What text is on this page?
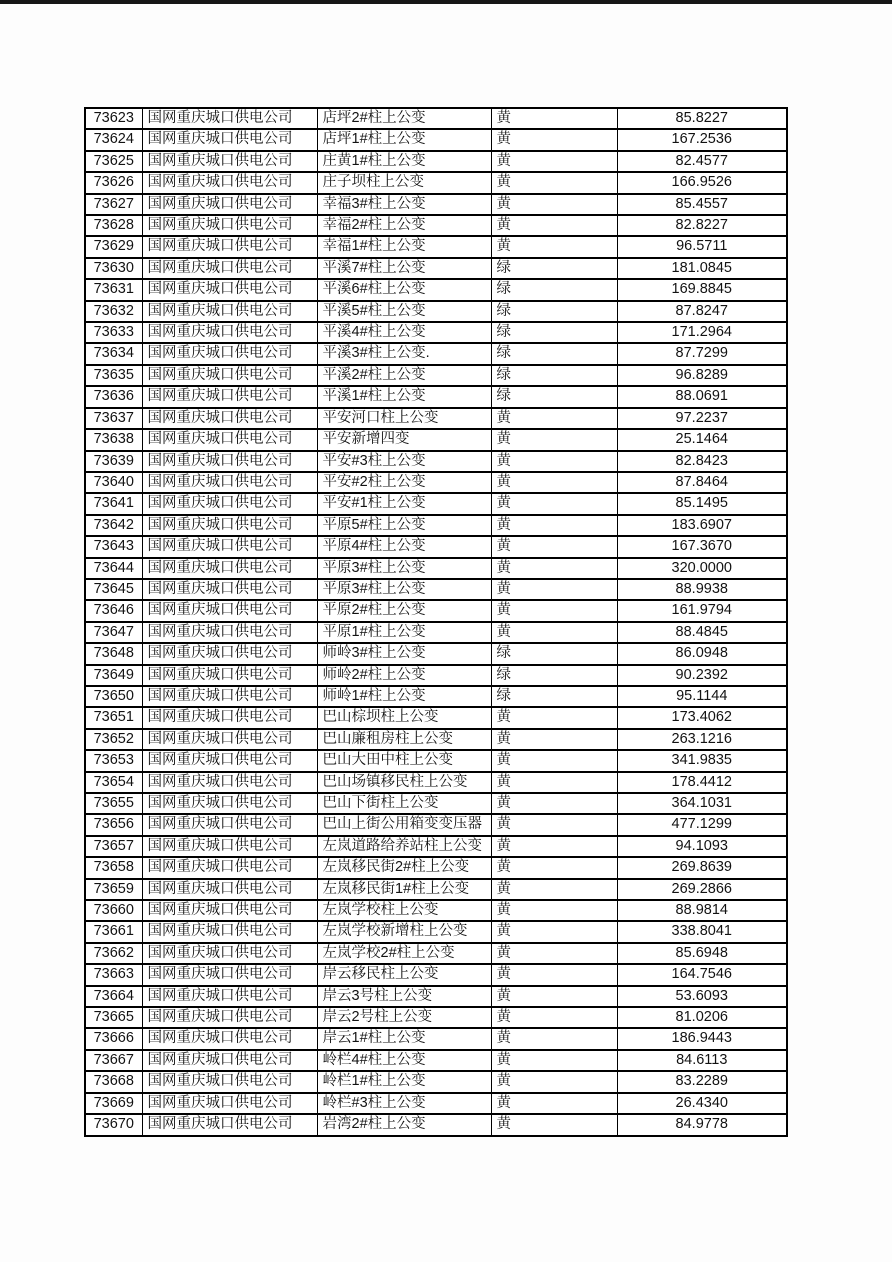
73623	国网重庆城口供电公司	店坪2#柱上公变	黄	85.8227
73624	国网重庆城口供电公司	店坪1#柱上公变	黄	167.2536
73625	国网重庆城口供电公司	庄黄1#柱上公变	黄	82.4577
73626	国网重庆城口供电公司	庄子坝柱上公变	黄	166.9526
73627	国网重庆城口供电公司	幸福3#柱上公变	黄	85.4557
73628	国网重庆城口供电公司	幸福2#柱上公变	黄	82.8227
73629	国网重庆城口供电公司	幸福1#柱上公变	黄	96.5711
73630	国网重庆城口供电公司	平溪7#柱上公变	绿	181.0845
73631	国网重庆城口供电公司	平溪6#柱上公变	绿	169.8845
73632	国网重庆城口供电公司	平溪5#柱上公变	绿	87.8247
73633	国网重庆城口供电公司	平溪4#柱上公变	绿	171.2964
73634	国网重庆城口供电公司	平溪3#柱上公变.	绿	87.7299
73635	国网重庆城口供电公司	平溪2#柱上公变	绿	96.8289
73636	国网重庆城口供电公司	平溪1#柱上公变	绿	88.0691
73637	国网重庆城口供电公司	平安河口柱上公变	黄	97.2237
73638	国网重庆城口供电公司	平安新增四变	黄	25.1464
73639	国网重庆城口供电公司	平安#3柱上公变	黄	82.8423
73640	国网重庆城口供电公司	平安#2柱上公变	黄	87.8464
73641	国网重庆城口供电公司	平安#1柱上公变	黄	85.1495
73642	国网重庆城口供电公司	平原5#柱上公变	黄	183.6907
73643	国网重庆城口供电公司	平原4#柱上公变	黄	167.3670
73644	国网重庆城口供电公司	平原3#柱上公变	黄	320.0000
73645	国网重庆城口供电公司	平原3#柱上公变	黄	88.9938
73646	国网重庆城口供电公司	平原2#柱上公变	黄	161.9794
73647	国网重庆城口供电公司	平原1#柱上公变	黄	88.4845
73648	国网重庆城口供电公司	师岭3#柱上公变	绿	86.0948
73649	国网重庆城口供电公司	师岭2#柱上公变	绿	90.2392
73650	国网重庆城口供电公司	师岭1#柱上公变	绿	95.1144
73651	国网重庆城口供电公司	巴山棕坝柱上公变	黄	173.4062
73652	国网重庆城口供电公司	巴山廉租房柱上公变	黄	263.1216
73653	国网重庆城口供电公司	巴山大田中柱上公变	黄	341.9835
73654	国网重庆城口供电公司	巴山场镇移民柱上公变	黄	178.4412
73655	国网重庆城口供电公司	巴山下街柱上公变	黄	364.1031
73656	国网重庆城口供电公司	巴山上街公用箱变变压器	黄	477.1299
73657	国网重庆城口供电公司	左岚道路给养站柱上公变	黄	94.1093
73658	国网重庆城口供电公司	左岚移民街2#柱上公变	黄	269.8639
73659	国网重庆城口供电公司	左岚移民街1#柱上公变	黄	269.2866
73660	国网重庆城口供电公司	左岚学校柱上公变	黄	88.9814
73661	国网重庆城口供电公司	左岚学校新增柱上公变	黄	338.8041
73662	国网重庆城口供电公司	左岚学校2#柱上公变	黄	85.6948
73663	国网重庆城口供电公司	岸云移民柱上公变	黄	164.7546
73664	国网重庆城口供电公司	岸云3号柱上公变	黄	53.6093
73665	国网重庆城口供电公司	岸云2号柱上公变	黄	81.0206
73666	国网重庆城口供电公司	岸云1#柱上公变	黄	186.9443
73667	国网重庆城口供电公司	岭栏4#柱上公变	黄	84.6113
73668	国网重庆城口供电公司	岭栏1#柱上公变	黄	83.2289
73669	国网重庆城口供电公司	岭栏#3柱上公变	黄	26.4340
73670	国网重庆城口供电公司	岩湾2#柱上公变	黄	84.9778
